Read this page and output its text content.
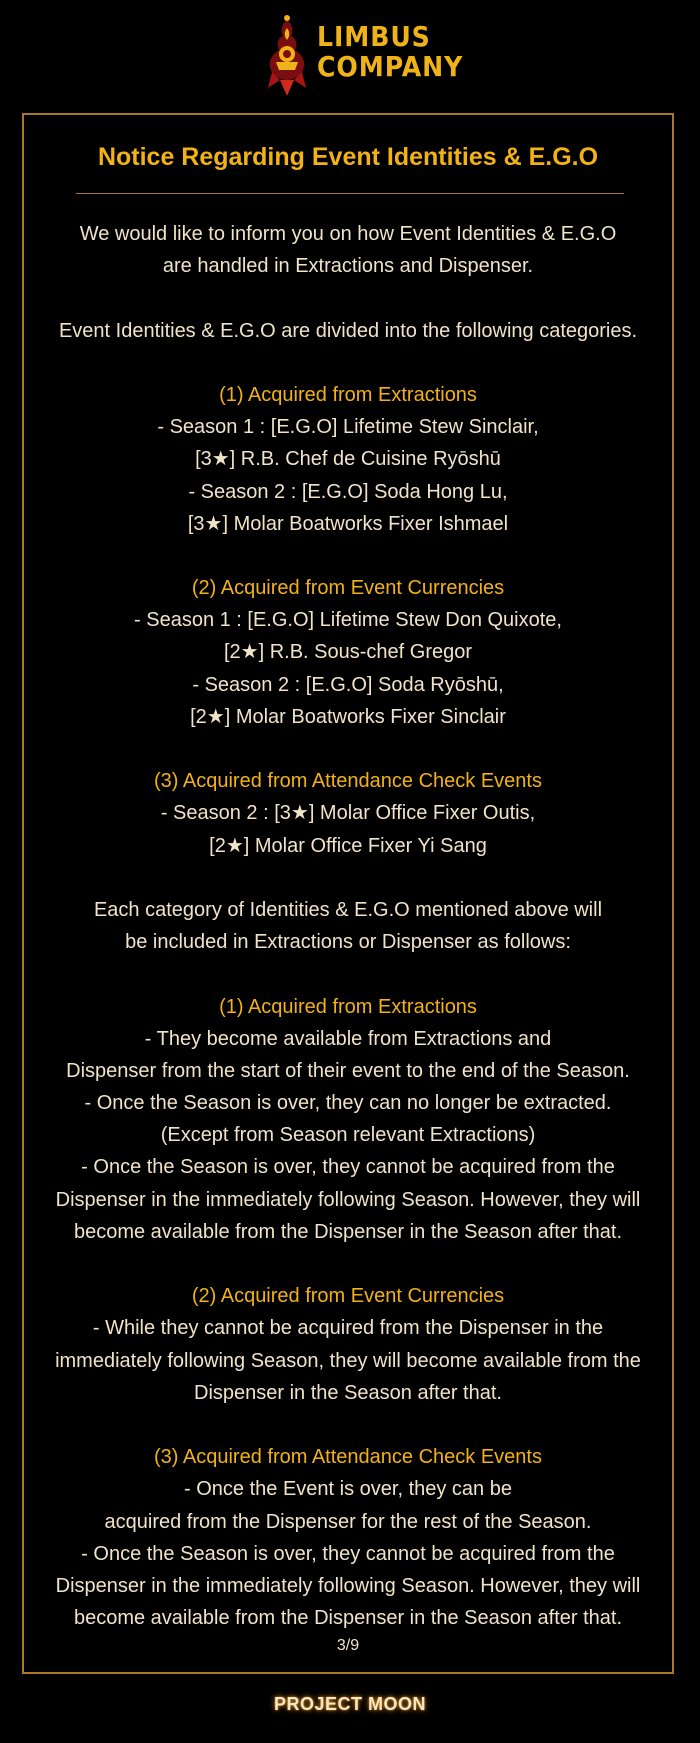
LIMBUS
COMPANY
Notice Regarding Event Identities & E.G.O
We would like to inform you on how Event Identities & E.G.O
are handled in Extractions and Dispenser.
Event Identities & E.G.O are divided into the following categories.
(1) Acquired from Extractions
- Season 1 : [E.G.O] Lifetime Stew Sinclair,
[3★] R.B. Chef de Cuisine Ryōshū
- Season 2 : [E.G.O] Soda Hong Lu,
[3★] Molar Boatworks Fixer Ishmael
(2) Acquired from Event Currencies
- Season 1 : [E.G.O] Lifetime Stew Don Quixote,
[2★] R.B. Sous-chef Gregor
- Season 2 : [E.G.O] Soda Ryōshū,
[2★] Molar Boatworks Fixer Sinclair
(3) Acquired from Attendance Check Events
- Season 2 : [3★] Molar Office Fixer Outis,
[2★] Molar Office Fixer Yi Sang
Each category of Identities & E.G.O mentioned above will
be included in Extractions or Dispenser as follows:
(1) Acquired from Extractions
- They become available from Extractions and
Dispenser from the start of their event to the end of the Season.
- Once the Season is over, they can no longer be extracted.
(Except from Season relevant Extractions)
- Once the Season is over, they cannot be acquired from the
Dispenser in the immediately following Season. However, they will
become available from the Dispenser in the Season after that.
(2) Acquired from Event Currencies
- While they cannot be acquired from the Dispenser in the
immediately following Season, they will become available from the
Dispenser in the Season after that.
(3) Acquired from Attendance Check Events
- Once the Event is over, they can be
acquired from the Dispenser for the rest of the Season.
- Once the Season is over, they cannot be acquired from the
Dispenser in the immediately following Season. However, they will
become available from the Dispenser in the Season after that.
3/9
PROJECT MOON
